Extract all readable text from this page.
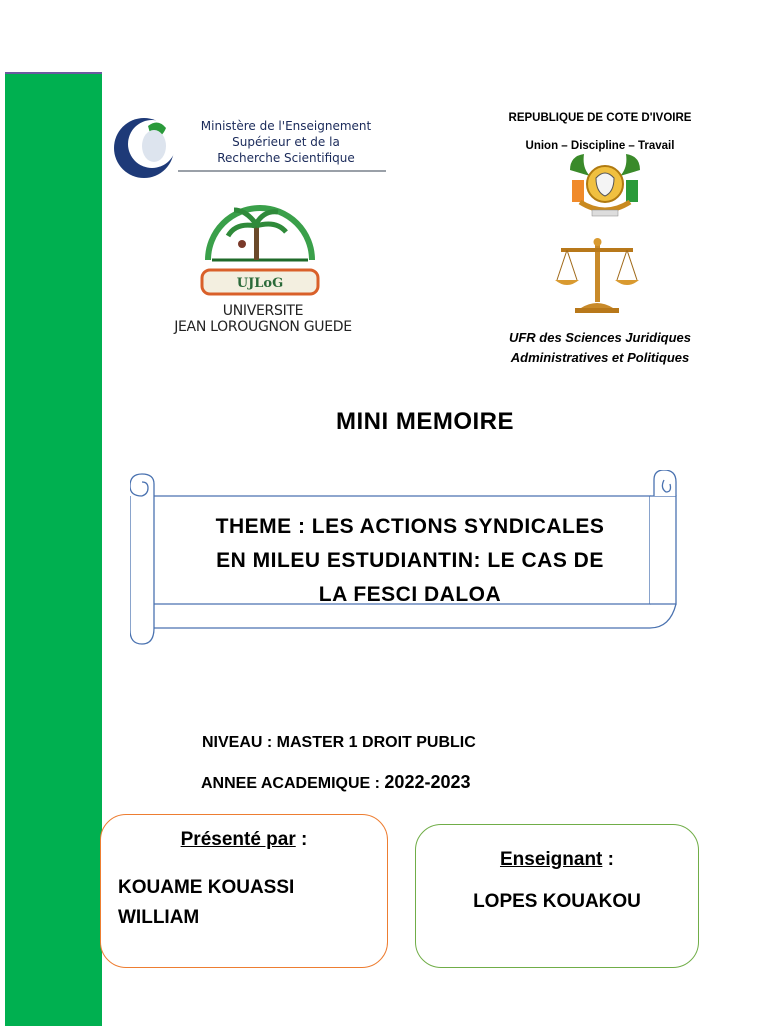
Ministère de l'Enseignement
Supérieur et de la
Recherche Scientifique
UJLoG
UNIVERSITE
JEAN LOROUGNON GUEDE
REPUBLIQUE DE COTE D'IVOIRE
Union – Discipline – Travail
UFR des Sciences Juridiques
Administratives et Politiques
MINI MEMOIRE
THEME : LES ACTIONS SYNDICALES
EN MILEU ESTUDIANTIN: LE CAS DE
LA FESCI DALOA
NIVEAU : MASTER 1 DROIT PUBLIC
ANNEE ACADEMIQUE : 2022-2023
Présenté par :
KOUAME KOUASSI
WILLIAM
Enseignant :
LOPES KOUAKOU
